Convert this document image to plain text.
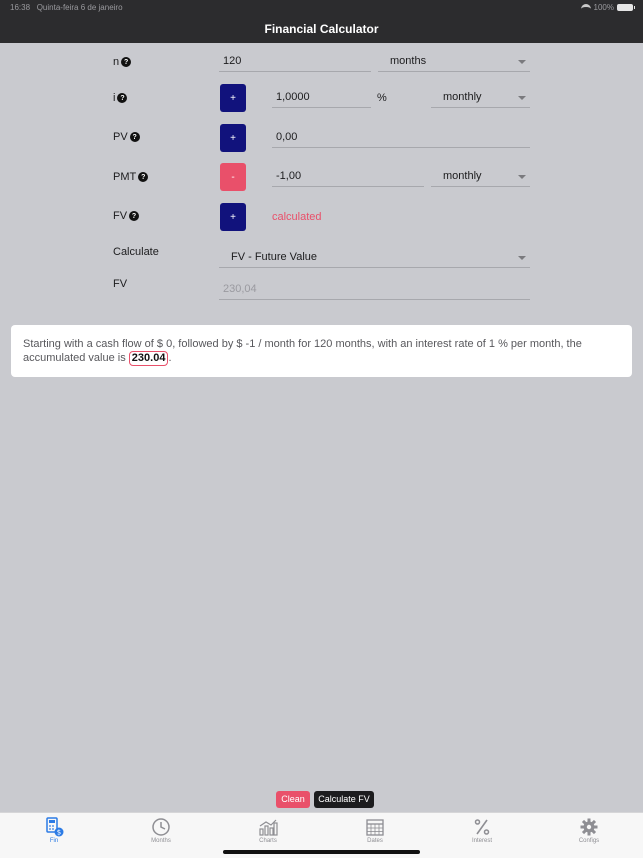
16:38 Quinta-feira 6 de janeiro	100%
Financial Calculator
n ?	120	months
i ?	+	1,0000	%	monthly
PV ?	+	0,00
PMT ?	-	-1,00	monthly
FV ?	+	calculated
Calculate	FV - Future Value
FV	230,04
Starting with a cash flow of $ 0, followed by $ -1 / month for 120 months, with an interest rate of 1 % per month, the accumulated value is 230.04 .
Clean	Calculate FV
$
Fin	Months	Charts	Dates	Interest	Configs
